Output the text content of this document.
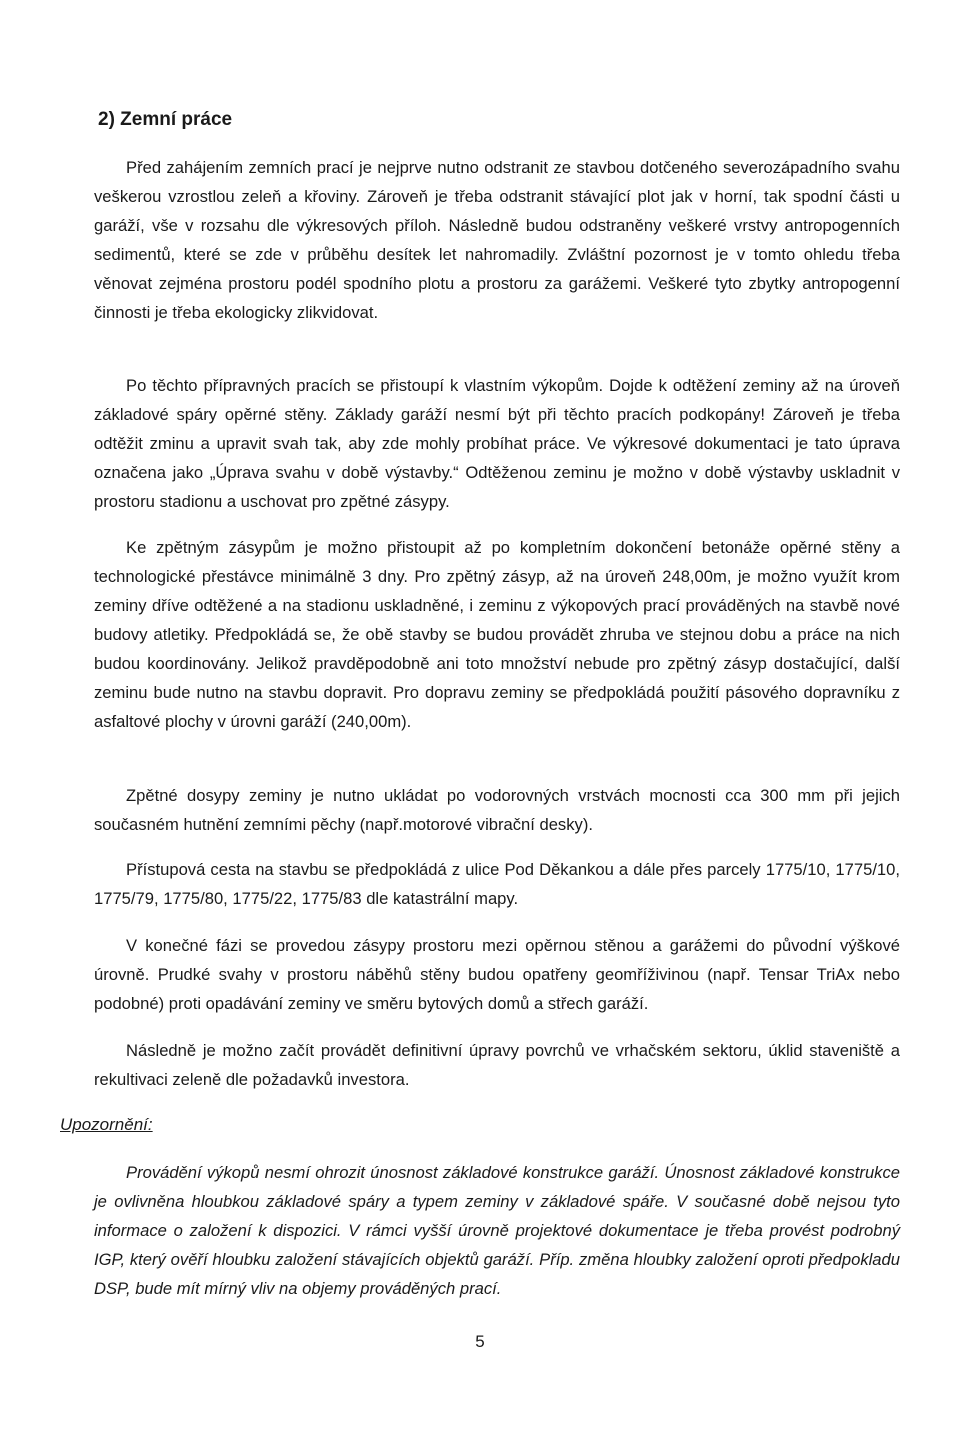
2) Zemní práce

Před zahájením zemních prací je nejprve nutno odstranit ze stavbou dotčeného severozápadního svahu veškerou vzrostlou zeleň a křoviny. Zároveň je třeba odstranit stávající plot jak v horní, tak spodní části u garáží, vše v rozsahu dle výkresových příloh. Následně budou odstraněny veškeré vrstvy antropogenních sedimentů, které se zde v průběhu desítek let nahromadily. Zvláštní pozornost je v tomto ohledu třeba věnovat zejména prostoru podél spodního plotu a prostoru za garážemi. Veškeré tyto zbytky antropogenní činnosti je třeba ekologicky zlikvidovat.

Po těchto přípravných pracích se přistoupí k vlastním výkopům. Dojde k odtěžení zeminy až na úroveň základové spáry opěrné stěny. Základy garáží nesmí být při těchto pracích podkopány! Zároveň je třeba odtěžit zminu a upravit svah tak, aby zde mohly probíhat práce. Ve výkresové dokumentaci je tato úprava označena jako „Úprava svahu v době výstavby.“ Odtěženou zeminu je možno v době výstavby uskladnit v prostoru stadionu a uschovat pro zpětné zásypy.

Ke zpětným zásypům je možno přistoupit až po kompletním dokončení betonáže opěrné stěny a technologické přestávce minimálně 3 dny. Pro zpětný zásyp, až na úroveň 248,00m, je možno využít krom zeminy dříve odtěžené a na stadionu uskladněné, i zeminu z výkopových prací prováděných na stavbě nové budovy atletiky. Předpokládá se, že obě stavby se budou provádět zhruba ve stejnou dobu a práce na nich budou koordinovány. Jelikož pravděpodobně ani toto množství nebude pro zpětný zásyp dostačující, další zeminu bude nutno na stavbu dopravit. Pro dopravu zeminy se předpokládá použití pásového dopravníku z asfaltové plochy v úrovni garáží (240,00m).

Zpětné dosypy zeminy je nutno ukládat po vodorovných vrstvách mocnosti cca 300 mm při jejich současném hutnění zemními pěchy (např.motorové vibrační desky).

Přístupová cesta na stavbu se předpokládá z ulice Pod Děkankou a dále přes parcely 1775/10, 1775/10, 1775/79, 1775/80, 1775/22, 1775/83 dle katastrální mapy.

V konečné fázi se provedou zásypy prostoru mezi opěrnou stěnou a garážemi do původní výškové úrovně. Prudké svahy v prostoru náběhů stěny budou opatřeny geomříživinou (např. Tensar TriAx nebo podobné) proti opadávání zeminy ve směru bytových domů a střech garáží.

Následně je možno začít provádět definitivní úpravy povrchů ve vrhačském sektoru, úklid staveniště a rekultivaci zeleně dle požadavků investora.

Upozornění:

Provádění výkopů nesmí ohrozit únosnost základové konstrukce garáží. Únosnost základové konstrukce je ovlivněna hloubkou základové spáry a typem zeminy v základové spáře. V současné době nejsou tyto informace o založení k dispozici. V rámci vyšší úrovně projektové dokumentace je třeba provést podrobný IGP, který ověří hloubku založení stávajících objektů garáží. Příp. změna hloubky založení oproti předpokladu DSP, bude mít mírný vliv na objemy prováděných prací.

5
